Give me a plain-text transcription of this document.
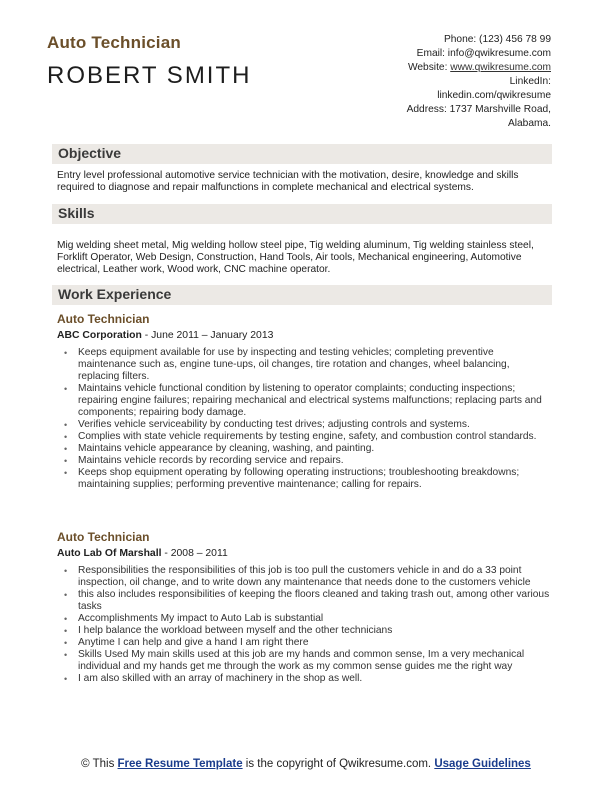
Auto Technician
ROBERT SMITH
Phone: (123) 456 78 99
Email: info@qwikresume.com
Website: www.qwikresume.com
LinkedIn:
linkedin.com/qwikresume
Address: 1737 Marshville Road,
Alabama.
Objective
Entry level professional automotive service technician with the motivation, desire, knowledge and skills required to diagnose and repair malfunctions in complete mechanical and electrical systems.
Skills
Mig welding sheet metal, Mig welding hollow steel pipe, Tig welding aluminum, Tig welding stainless steel, Forklift Operator, Web Design, Construction, Hand Tools, Air tools, Mechanical engineering, Automotive electrical, Leather work, Wood work, CNC machine operator.
Work Experience
Auto Technician
ABC Corporation - June 2011 – January 2013
• Keeps equipment available for use by inspecting and testing vehicles; completing preventive maintenance such as, engine tune-ups, oil changes, tire rotation and changes, wheel balancing, replacing filters.
• Maintains vehicle functional condition by listening to operator complaints; conducting inspections; repairing engine failures; repairing mechanical and electrical systems malfunctions; replacing parts and components; repairing body damage.
• Verifies vehicle serviceability by conducting test drives; adjusting controls and systems.
• Complies with state vehicle requirements by testing engine, safety, and combustion control standards.
• Maintains vehicle appearance by cleaning, washing, and painting.
• Maintains vehicle records by recording service and repairs.
• Keeps shop equipment operating by following operating instructions; troubleshooting breakdowns; maintaining supplies; performing preventive maintenance; calling for repairs.
Auto Technician
Auto Lab Of Marshall - 2008 – 2011
• Responsibilities the responsibilities of this job is too pull the customers vehicle in and do a 33 point inspection, oil change, and to write down any maintenance that needs done to the customers vehicle
• this also includes responsibilities of keeping the floors cleaned and taking trash out, among other various tasks
• Accomplishments My impact to Auto Lab is substantial
• I help balance the workload between myself and the other technicians
• Anytime I can help and give a hand I am right there
• Skills Used My main skills used at this job are my hands and common sense, Im a very mechanical individual and my hands get me through the work as my common sense guides me the right way
• I am also skilled with an array of machinery in the shop as well.
© This Free Resume Template is the copyright of Qwikresume.com. Usage Guidelines
